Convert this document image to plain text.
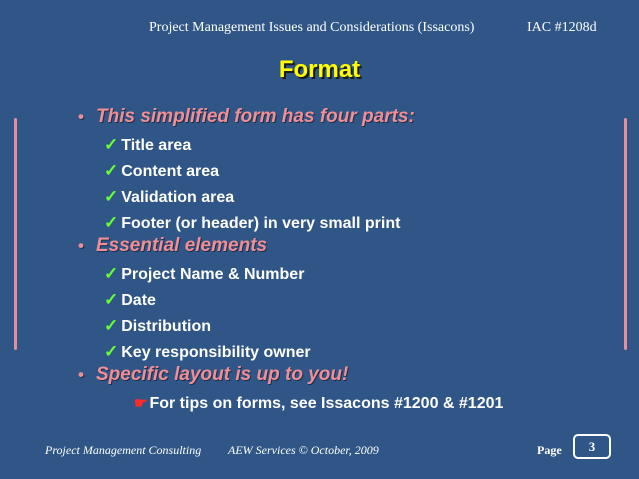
Project Management Issues and Considerations (Issacons)	IAC #1208d
Format
• This simplified form has four parts:
✓ Title area
✓ Content area
✓ Validation area
✓ Footer (or header) in very small print
• Essential elements
✓ Project Name & Number
✓ Date
✓ Distribution
✓ Key responsibility owner
• Specific layout is up to you!
☛ For tips on forms, see Issacons #1200 & #1201
Project Management Consulting AEW Services © October, 2009	Page	3
